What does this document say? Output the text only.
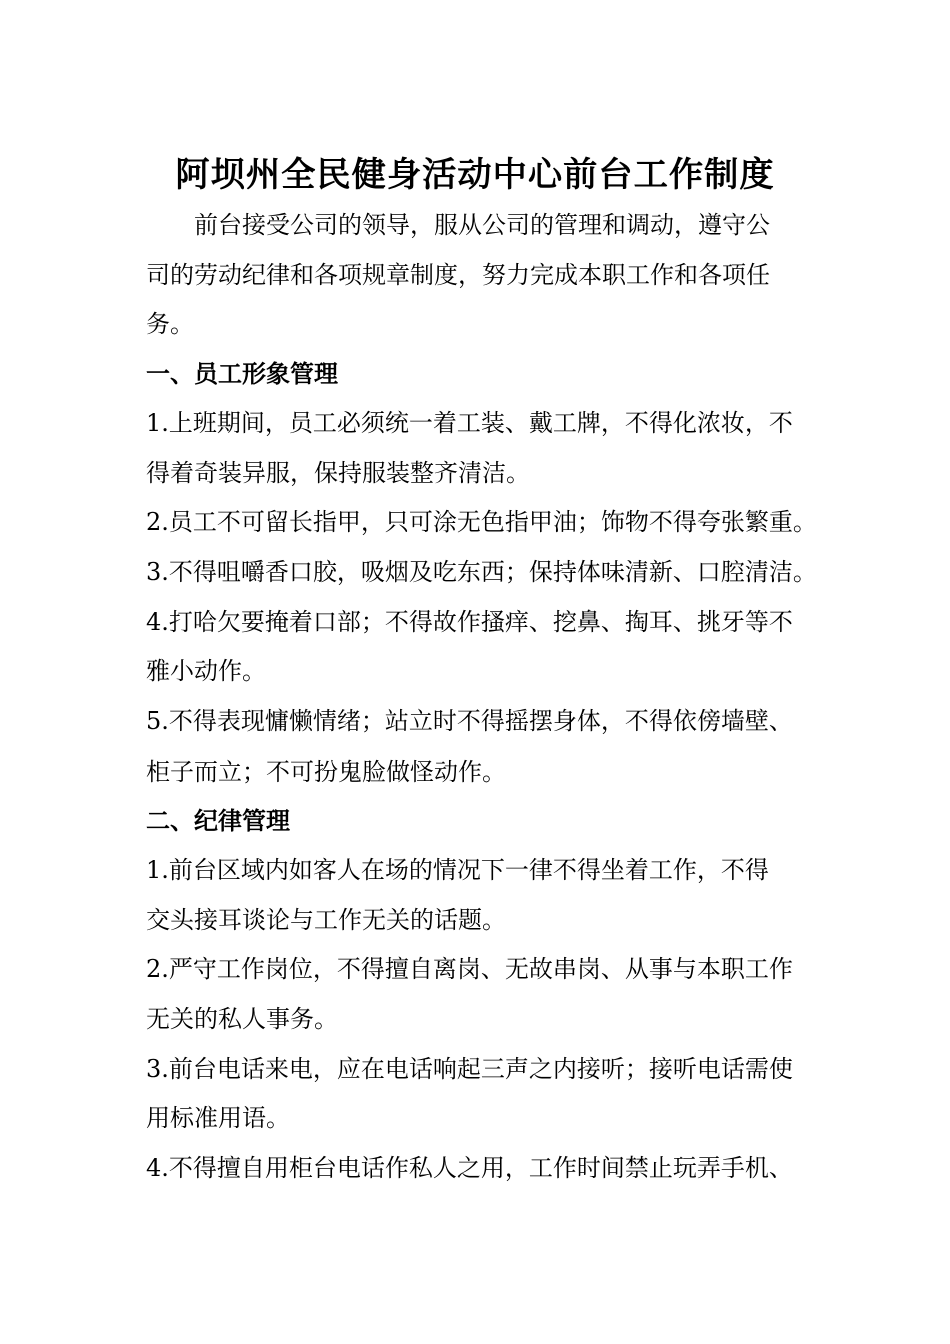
阿坝州全民健身活动中心前台工作制度
前台接受公司的领导，服从公司的管理和调动，遵守公
司的劳动纪律和各项规章制度，努力完成本职工作和各项任
务。
一、员工形象管理
1.上班期间，员工必须统一着工装、戴工牌，不得化浓妆，不
得着奇装异服，保持服装整齐清洁。
2.员工不可留长指甲，只可涂无色指甲油；饰物不得夸张繁重。
3.不得咀嚼香口胶，吸烟及吃东西；保持体味清新、口腔清洁。
4.打哈欠要掩着口部；不得故作搔痒、挖鼻、掏耳、挑牙等不
雅小动作。
5.不得表现慵懒情绪；站立时不得摇摆身体，不得依傍墙壁、
柜子而立；不可扮鬼脸做怪动作。
二、纪律管理
1.前台区域内如客人在场的情况下一律不得坐着工作，不得
交头接耳谈论与工作无关的话题。
2.严守工作岗位，不得擅自离岗、无故串岗、从事与本职工作
无关的私人事务。
3.前台电话来电，应在电话响起三声之内接听；接听电话需使
用标准用语。
4.不得擅自用柜台电话作私人之用，工作时间禁止玩弄手机、
